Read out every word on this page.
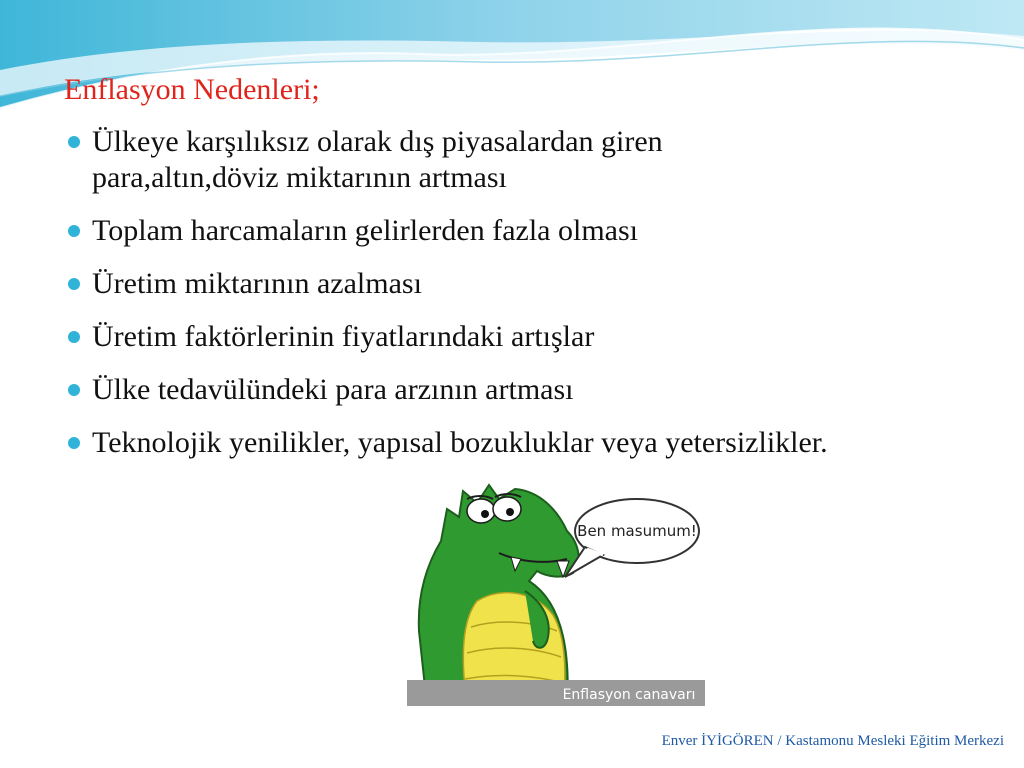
Enflasyon Nedenleri;
Ülkeye karşılıksız olarak dış piyasalardan giren para,altın,döviz miktarının artması
Toplam harcamaların gelirlerden fazla olması
Üretim miktarının azalması
Üretim faktörlerinin fiyatlarındaki artışlar
Ülke tedavülündeki para arzının artması
Teknolojik yenilikler, yapısal bozukluklar veya yetersizlikler.
Ben masumum!
Enflasyon canavarı
Enver İYİGÖREN / Kastamonu Mesleki Eğitim Merkezi
